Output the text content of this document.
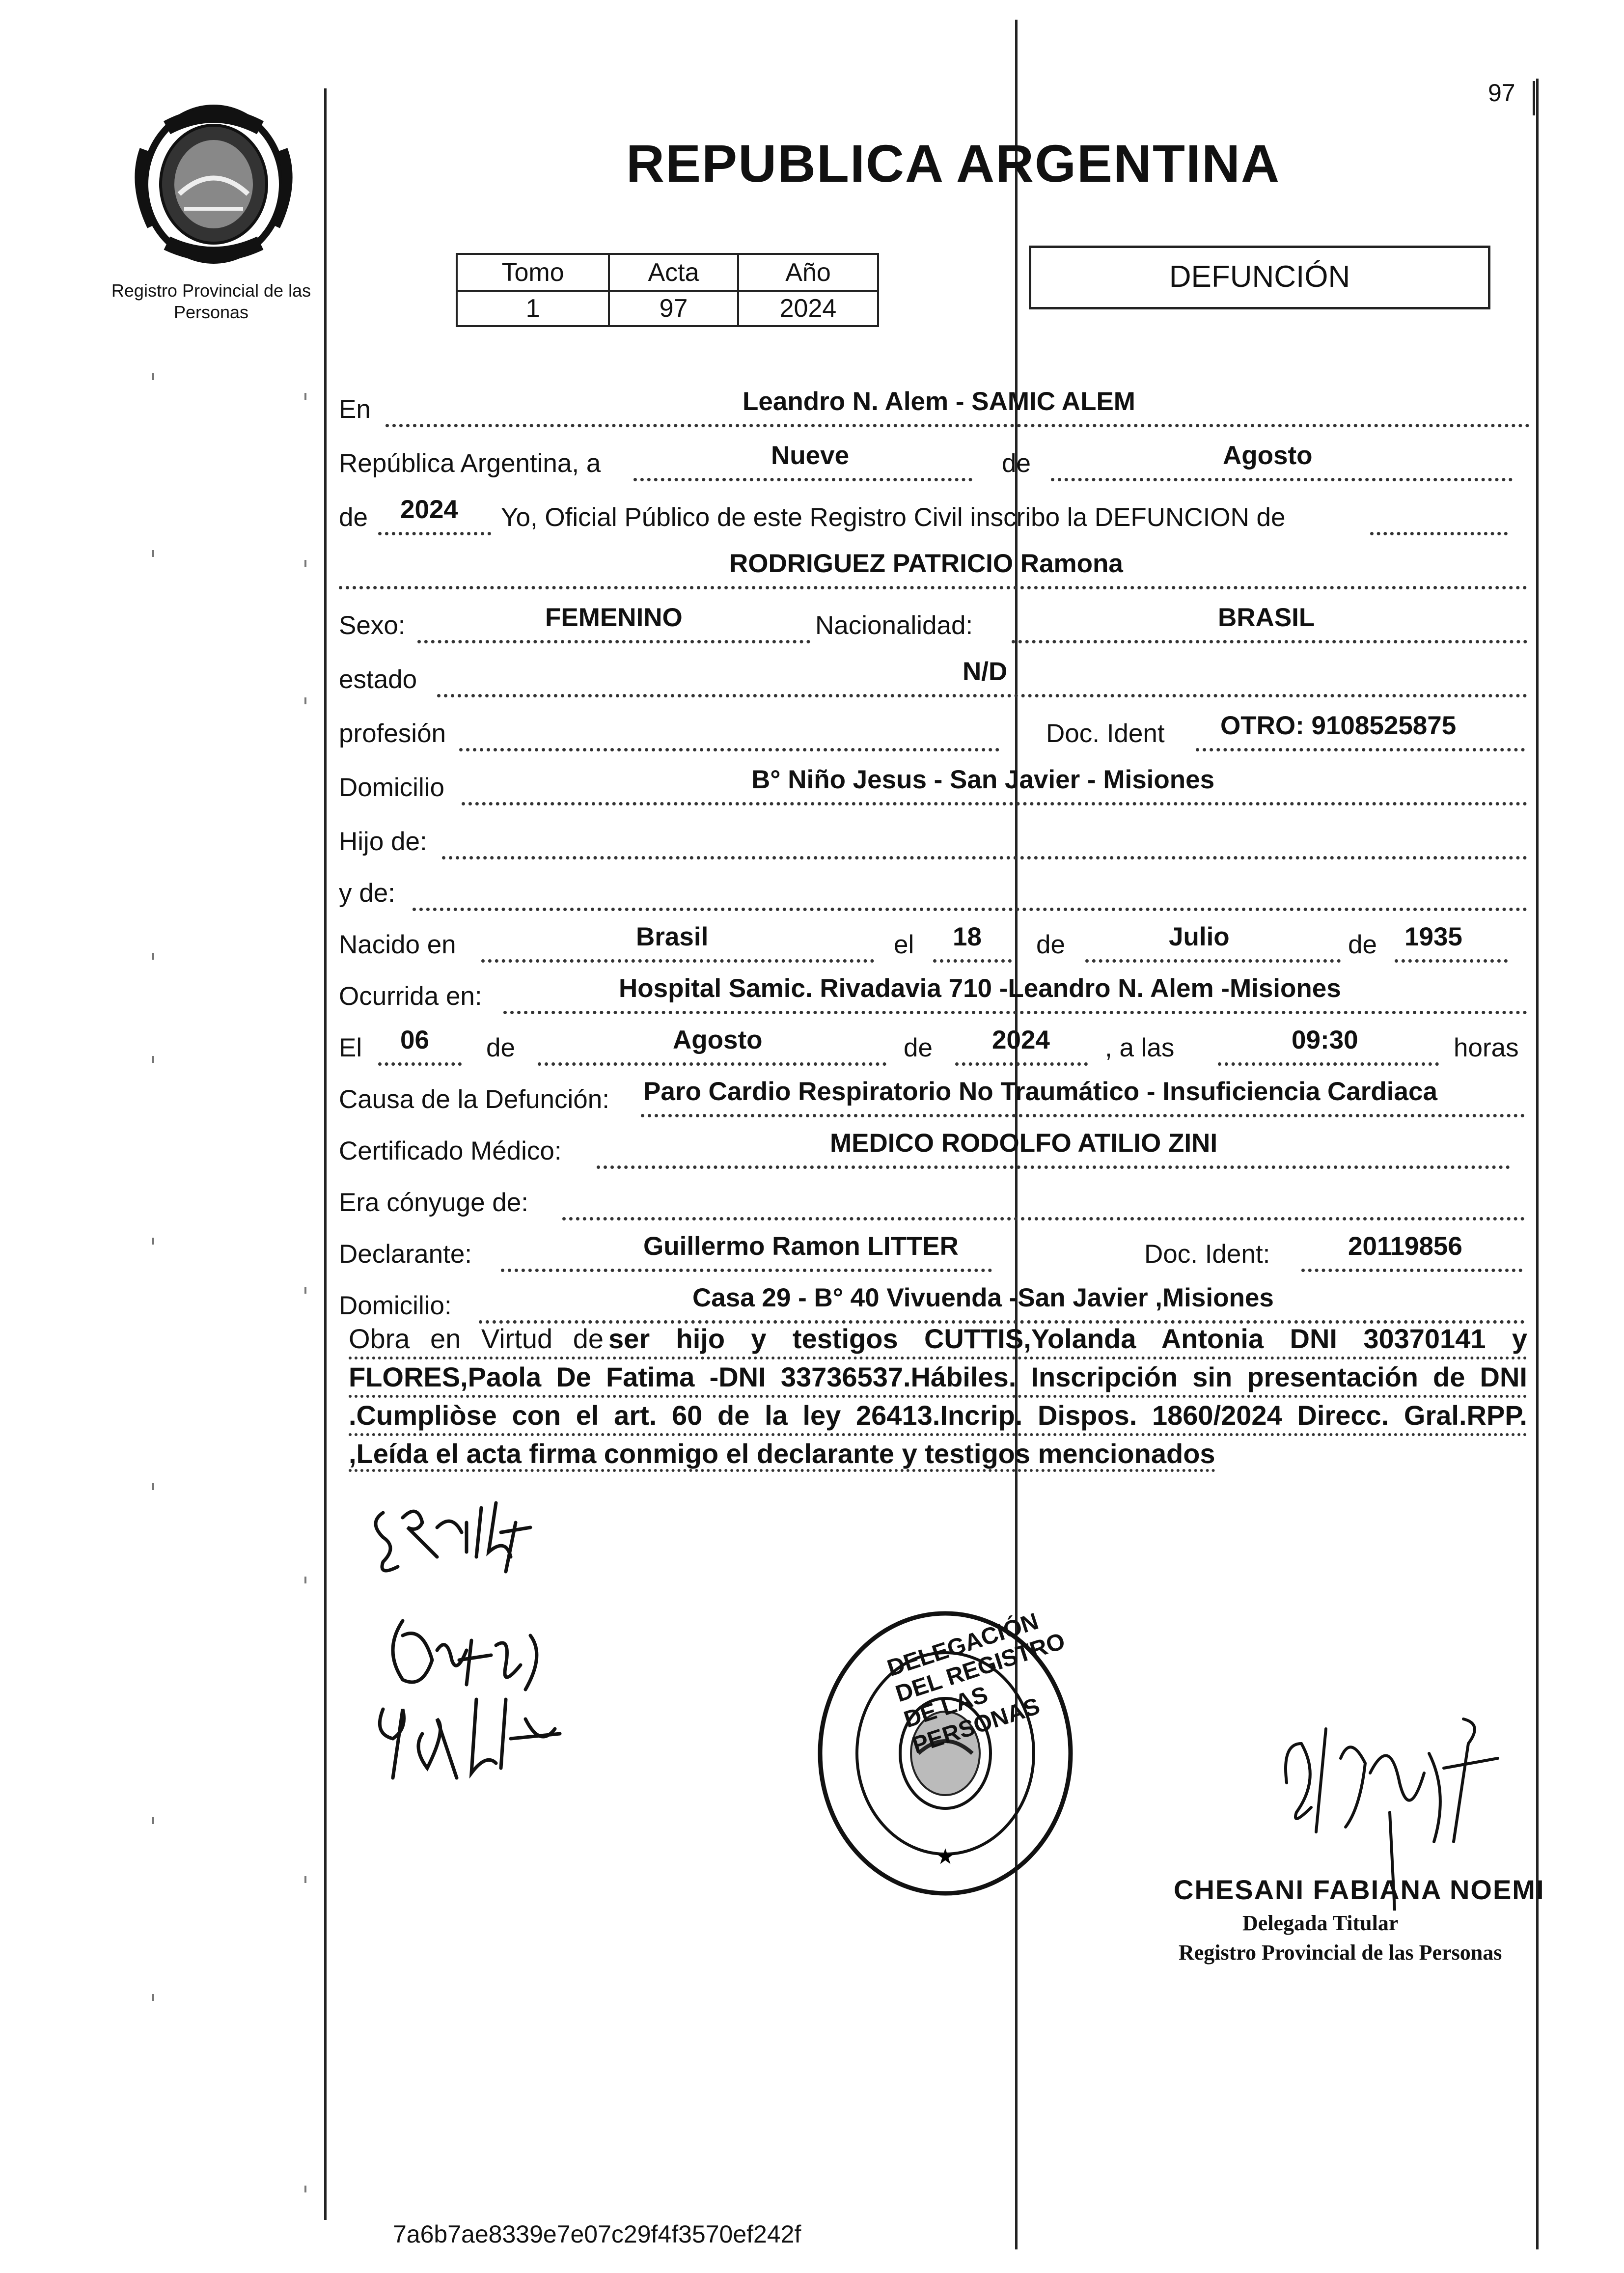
97
Registro Provincial de las Personas
REPUBLICA ARGENTINA
Tomo	Acta	Año
1	97	2024
DEFUNCIÓN
En	Leandro N. Alem - SAMIC ALEM
República Argentina, a	Nueve	de	Agosto
de 2024 Yo, Oficial Público de este Registro Civil inscribo la DEFUNCION de
RODRIGUEZ PATRICIO Ramona
Sexo:	FEMENINO	Nacionalidad:	BRASIL
estado	N/D
profesión	Doc. Ident OTRO: 9108525875
Domicilio	B° Niño Jesus - San Javier - Misiones
Hijo de:
y de:
Nacido en	Brasil	el 18 de	Julio	de 1935
Ocurrida en:	Hospital Samic. Rivadavia 710 -Leandro N. Alem -Misiones
El 06 de	Agosto	de 2024 , a las	09:30	horas
Causa de la Defunción: Paro Cardio Respiratorio No Traumático - Insuficiencia Cardiaca
Certificado Médico:	MEDICO RODOLFO ATILIO ZINI
Era cónyuge de:
Declarante:	Guillermo Ramon LITTER	Doc. Ident:	20119856
Domicilio:	Casa 29 - B° 40 Vivuenda -San Javier ,Misiones
Obra en Virtud de ser hijo y testigos CUTTIS,Yolanda Antonia DNI 30370141 y
FLORES,Paola De Fatima -DNI 33736537.Hábiles. Inscripción sin presentación de DNI
.Cumpliòse con el art. 60 de la ley 26413.Incrip. Dispos. 1860/2024 Direcc. Gral.RPP.
,Leída el acta firma conmigo el declarante y testigos mencionados
★
DELEGACIÓN DEL REGISTRO DE LAS PERSONAS
CHESANI FABIANA NOEMI
Delegada Titular
Registro Provincial de las Personas
7a6b7ae8339e7e07c29f4f3570ef242f
